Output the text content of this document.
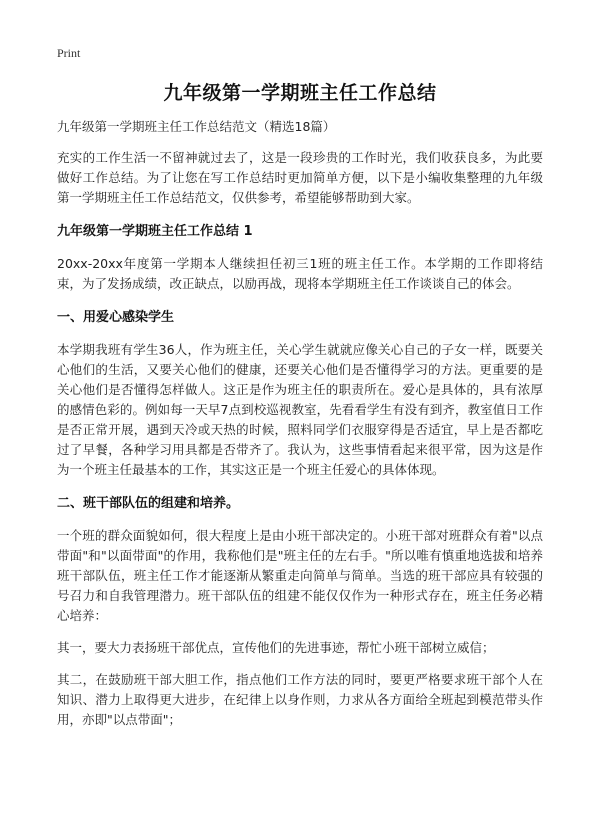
Print
九年级第一学期班主任工作总结
九年级第一学期班主任工作总结范文（精选18篇）

充实的工作生活一不留神就过去了，这是一段珍贵的工作时光，我们收获良多，为此要做好工作总结。为了让您在写工作总结时更加简单方便，以下是小编收集整理的九年级第一学期班主任工作总结范文，仅供参考，希望能够帮助到大家。

九年级第一学期班主任工作总结 1

20xx-20xx年度第一学期本人继续担任初三1班的班主任工作。本学期的工作即将结束，为了发扬成绩，改正缺点，以励再战，现将本学期班主任工作谈谈自己的体会。

一、用爱心感染学生

本学期我班有学生36人，作为班主任，关心学生就就应像关心自己的子女一样，既要关心他们的生活，又要关心他们的健康，还要关心他们是否懂得学习的方法。更重要的是关心他们是否懂得怎样做人。这正是作为班主任的职责所在。爱心是具体的，具有浓厚的感情色彩的。例如每一天早7点到校巡视教室，先看看学生有没有到齐，教室值日工作是否正常开展，遇到天冷或天热的时候，照料同学们衣服穿得是否适宜，早上是否都吃过了早餐，各种学习用具都是否带齐了。我认为，这些事情看起来很平常，因为这是作为一个班主任最基本的工作，其实这正是一个班主任爱心的具体体现。

二、班干部队伍的组建和培养。

一个班的群众面貌如何，很大程度上是由小班干部决定的。小班干部对班群众有着"以点带面"和"以面带面"的作用，我称他们是"班主任的左右手。"所以唯有慎重地选拔和培养班干部队伍，班主任工作才能逐渐从繁重走向简单与简单。当选的班干部应具有较强的号召力和自我管理潜力。班干部队伍的组建不能仅仅作为一种形式存在，班主任务必精心培养：

其一，要大力表扬班干部优点，宣传他们的先进事迹，帮忙小班干部树立威信；

其二，在鼓励班干部大胆工作，指点他们工作方法的同时，要更严格要求班干部个人在知识、潜力上取得更大进步，在纪律上以身作则，力求从各方面给全班起到模范带头作用，亦即"以点带面"；
